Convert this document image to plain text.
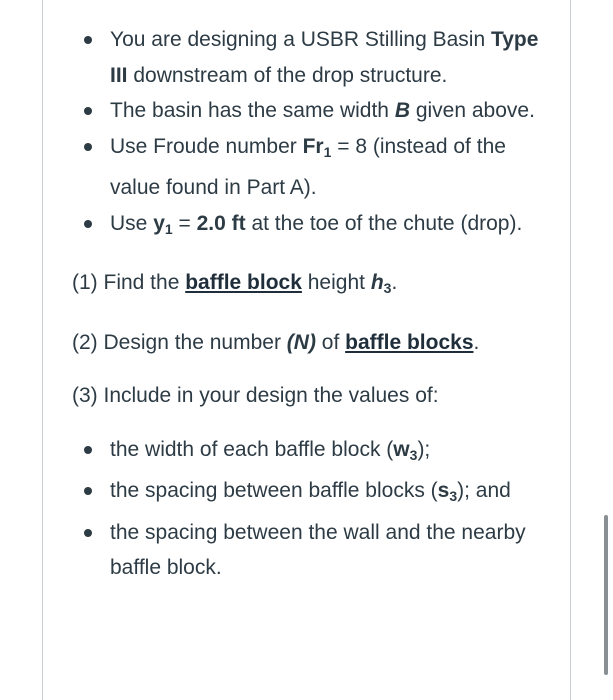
You are designing a USBR Stilling Basin Type III downstream of the drop structure.
The basin has the same width B given above.
Use Froude number $Fr_1 = 8$ (instead of the value found in Part A).
Use $y_1 = 2.0$ ft at the toe of the chute (drop).

(1) Find the baffle block height $h_3$.

(2) Design the number (N) of baffle blocks.

(3) Include in your design the values of:

the width of each baffle block $(w_3)$;
the spacing between baffle blocks $(s_3)$; and
the spacing between the wall and the nearby baffle block.
